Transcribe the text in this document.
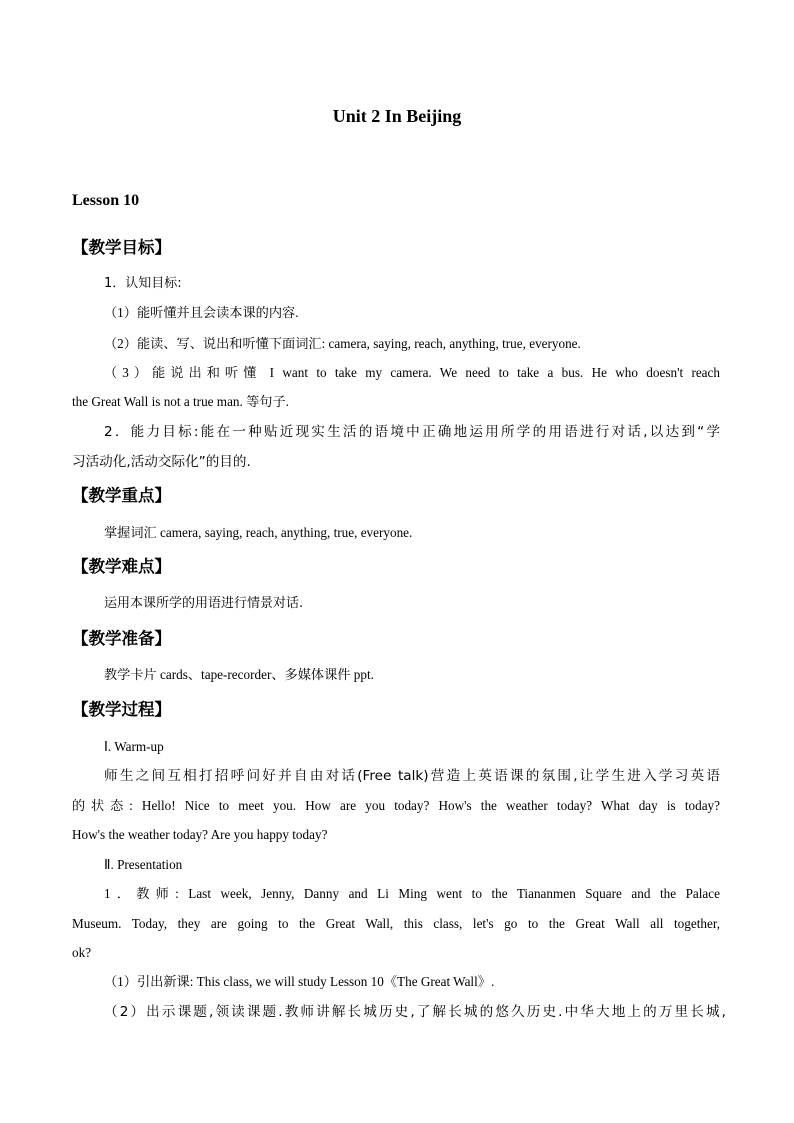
Unit 2 In Beijing
Lesson 10
【教学目标】
1．认知目标:
（1）能听懂并且会读本课的内容.
（2）能读、写、说出和听懂下面词汇: camera, saying, reach, anything, true, everyone.
（3）能说出和听懂 I want to take my camera. We need to take a bus. He who doesn't reach
the Great Wall is not a true man. 等句子.
2．能力目标:能在一种贴近现实生活的语境中正确地运用所学的用语进行对话,以达到“学
习活动化,活动交际化”的目的.
【教学重点】
掌握词汇 camera, saying, reach, anything, true, everyone.
【教学难点】
运用本课所学的用语进行情景对话.
【教学准备】
教学卡片 cards、tape-recorder、多媒体课件 ppt.
【教学过程】
Ⅰ. Warm-up
师生之间互相打招呼问好并自由对话(Free talk)营造上英语课的氛围,让学生进入学习英语
的状态: Hello! Nice to meet you. How are you today? How's the weather today? What day is today?
How's the weather today? Are you happy today?
Ⅱ. Presentation
1．教师: Last week, Jenny, Danny and Li Ming went to the Tiananmen Square and the Palace
Museum. Today, they are going to the Great Wall, this class, let's go to the Great Wall all together,
ok?
（1）引出新课: This class, we will study Lesson 10《The Great Wall》.
（2）出示课题,领读课题.教师讲解长城历史,了解长城的悠久历史.中华大地上的万里长城,
